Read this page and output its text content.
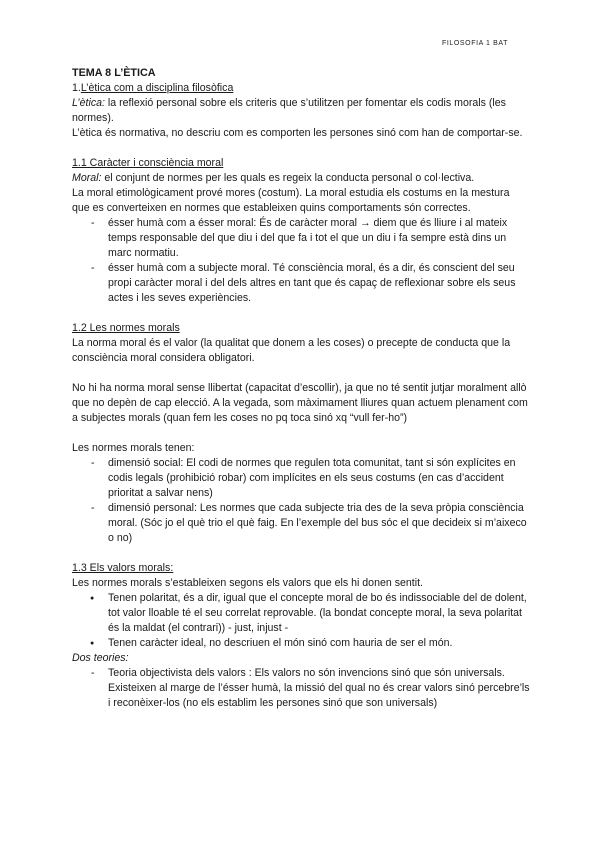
FILOSOFIA 1 BAT

TEMA 8 L’ÈTICA

1.L’ètica com a disciplina filosòfica

L’ètica: la reflexió personal sobre els criteris que s’utilitzen per fomentar els codis morals (les normes).

L’ètica és normativa, no descriu com es comporten les persones sinó com han de comportar-se.

1.1 Caràcter i consciència moral

Moral: el conjunt de normes per les quals es regeix la conducta personal o col·lectiva.

La moral etimològicament prové mores (costum). La moral estudia els costums en la mestura que es converteixen en normes que estableixen quins comportaments són correctes.

- ésser humà com a ésser moral: És de caràcter moral → diem que és lliure i al mateix temps responsable del que diu i del que fa i tot el que un diu i fa sempre està dins un marc normatiu.
- ésser humà com a subjecte moral. Té consciència moral, és a dir, és conscient del seu propi caràcter moral i del dels altres en tant que és capaç de reflexionar sobre els seus actes i les seves experiències.

1.2 Les normes morals

La norma moral és el valor (la qualitat que donem a les coses) o precepte de conducta que la consciència moral considera obligatori.

No hi ha norma moral sense llibertat (capacitat d’escollir), ja que no té sentit jutjar moralment allò que no depèn de cap elecció. A la vegada, som màximament lliures quan actuem plenament com a subjectes morals (quan fem les coses no pq toca sinó xq “vull fer-ho”)

Les normes morals tenen:

- dimensió social: El codi de normes que regulen tota comunitat, tant si són explícites en codis legals (prohibició robar) com implícites en els seus costums (en cas d’accident prioritat a salvar nens)
- dimensió personal: Les normes que cada subjecte tria des de la seva pròpia consciència moral. (Sóc jo el què trio el què faig. En l’exemple del bus sóc el que decideix si m’aixeco o no)

1.3 Els valors morals:

Les normes morals s’estableixen segons els valors que els hi donen sentit.

● Tenen polaritat, és a dir, igual que el concepte moral de bo és indissociable del de dolent, tot valor lloable té el seu correlat reprovable. (la bondat concepte moral, la seva polaritat és la maldat (el contrari)) - just, injust -
● Tenen caràcter ideal, no descriuen el món sinó com hauria de ser el món.

Dos teories:

- Teoria objectivista dels valors : Els valors no són invencions sinó que són universals. Existeixen al marge de l’ésser humà, la missió del qual no és crear valors sinó percebre’ls i reconèixer-los (no els establim les persones sinó que son universals)
